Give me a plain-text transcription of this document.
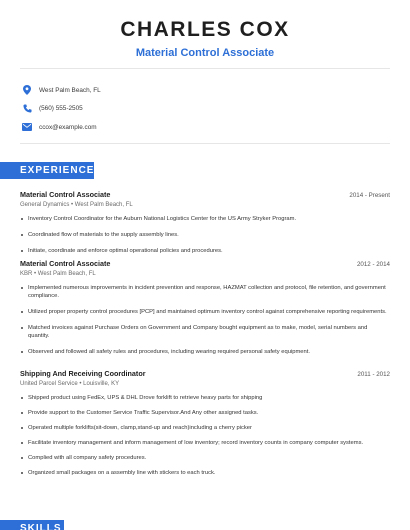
CHARLES COX
Material Control Associate
West Palm Beach, FL
(560) 555-2505
ccox@example.com
EXPERIENCE
Material Control Associate	2014 - Present
General Dynamics • West Palm Beach, FL
Inventory Control Coordinator for the Auburn National Logistics Center for the US Army Stryker Program.
Coordinated flow of materials to the supply assembly lines.
Initiate, coordinate and enforce optimal operational policies and procedures.
Material Control Associate	2012 - 2014
KBR • West Palm Beach, FL
Implemented numerous improvements in incident prevention and response, HAZMAT collection and protocol, file retention, and government compliance.
Utilized proper property control procedures [PCP] and maintained optimum inventory control against comprehensive reporting requirements.
Matched invoices against Purchase Orders on Government and Company bought equipment as to make, model, serial numbers and quantity.
Observed and followed all safety rules and procedures, including wearing required personal safety equipment.
Shipping And Receiving Coordinator	2011 - 2012
United Parcel Service • Louisville, KY
Shipped product using FedEx, UPS & DHL Drove forklift to retrieve heavy parts for shipping
Provide support to the Customer Service Traffic Supervisor.And Any other assigned tasks.
Operated multiple forklifts(sit-down, clamp,stand-up and reach)including a cherry picker
Facilitate inventory management and inform management of low inventory; record inventory counts in company computer systems.
Complied with all company safety procedures.
Organized small packages on a assembly line with stickers to each truck.
SKILLS
